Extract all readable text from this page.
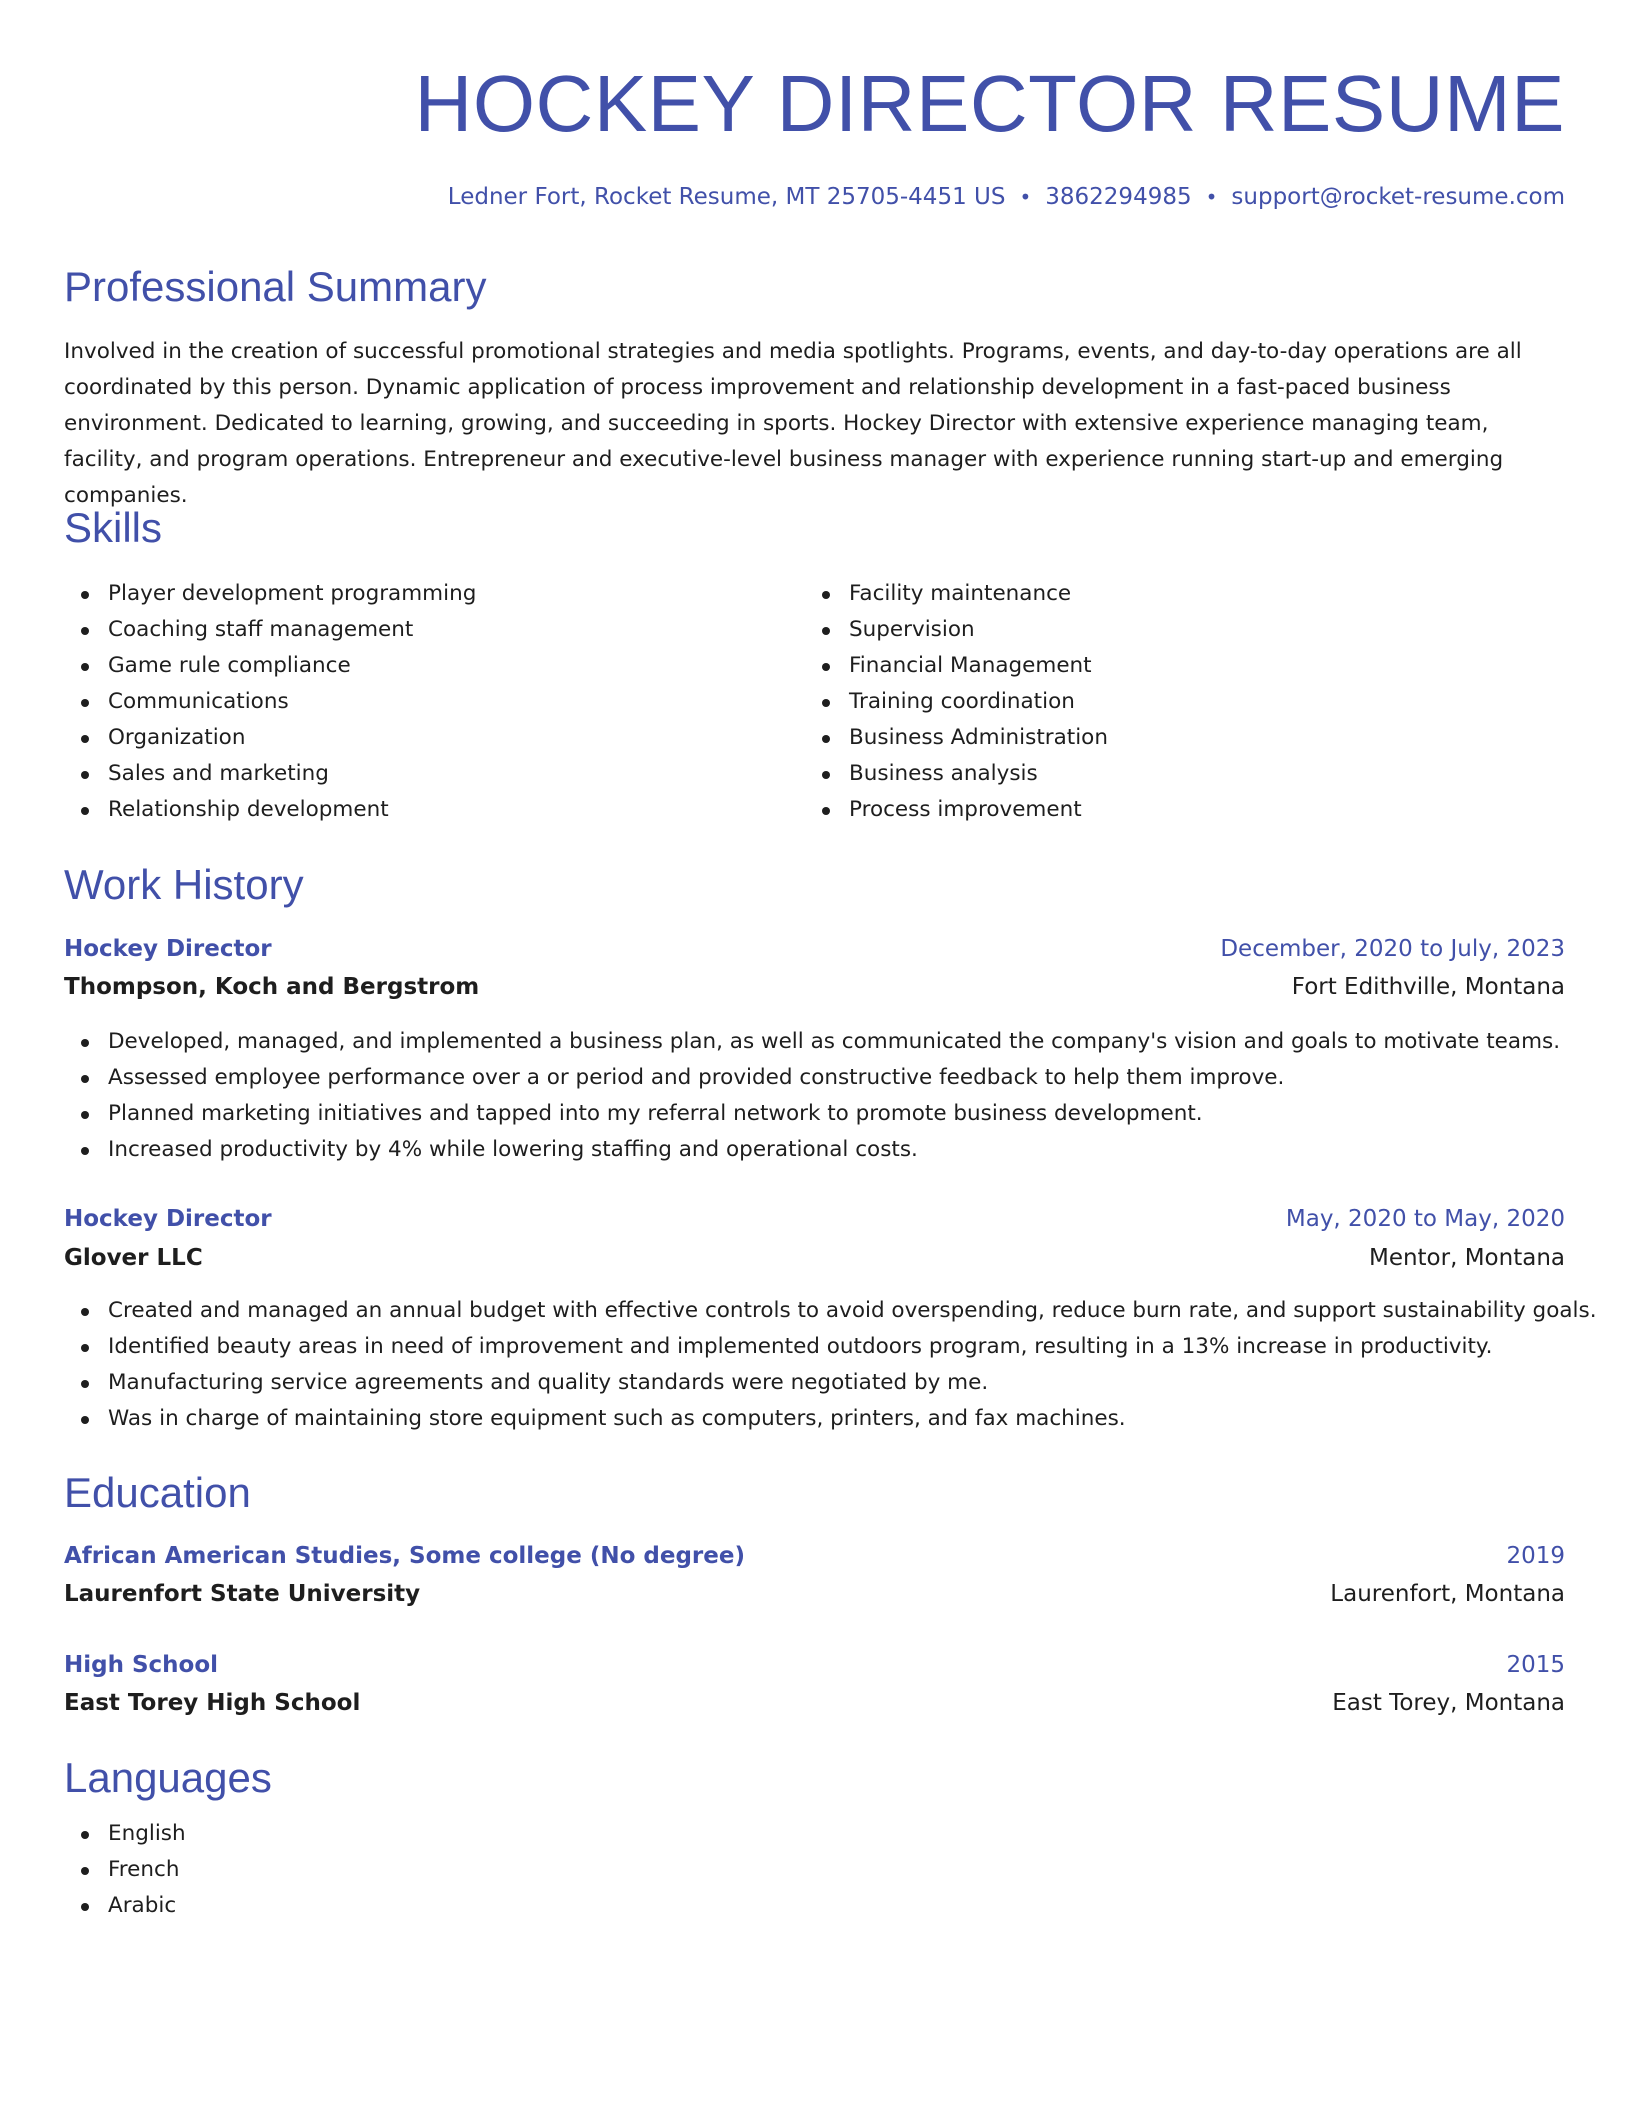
HOCKEY DIRECTOR RESUME
Ledner Fort, Rocket Resume, MT 25705-4451 US • 3862294985 • support@rocket-resume.com
Professional Summary

Involved in the creation of successful promotional strategies and media spotlights. Programs, events, and day-to-day operations are all coordinated by this person. Dynamic application of process improvement and relationship development in a fast-paced business environment. Dedicated to learning, growing, and succeeding in sports. Hockey Director with extensive experience managing team, facility, and program operations. Entrepreneur and executive-level business manager with experience running start-up and emerging companies.

Skills
Player development programming
Coaching staff management
Game rule compliance
Communications
Organization
Sales and marketing
Relationship development
Facility maintenance
Supervision
Financial Management
Training coordination
Business Administration
Business analysis
Process improvement
Work History
Hockey Director	December, 2020 to July, 2023
Thompson, Koch and Bergstrom	Fort Edithville, Montana
Developed, managed, and implemented a business plan, as well as communicated the company's vision and goals to motivate teams.
Assessed employee performance over a or period and provided constructive feedback to help them improve.
Planned marketing initiatives and tapped into my referral network to promote business development.
Increased productivity by 4% while lowering staffing and operational costs.
Hockey Director	May, 2020 to May, 2020
Glover LLC	Mentor, Montana
Created and managed an annual budget with effective controls to avoid overspending, reduce burn rate, and support sustainability goals.
Identified beauty areas in need of improvement and implemented outdoors program, resulting in a 13% increase in productivity.
Manufacturing service agreements and quality standards were negotiated by me.
Was in charge of maintaining store equipment such as computers, printers, and fax machines.
Education
African American Studies, Some college (No degree)	2019
Laurenfort State University	Laurenfort, Montana
High School	2015
East Torey High School	East Torey, Montana
Languages
English
French
Arabic
